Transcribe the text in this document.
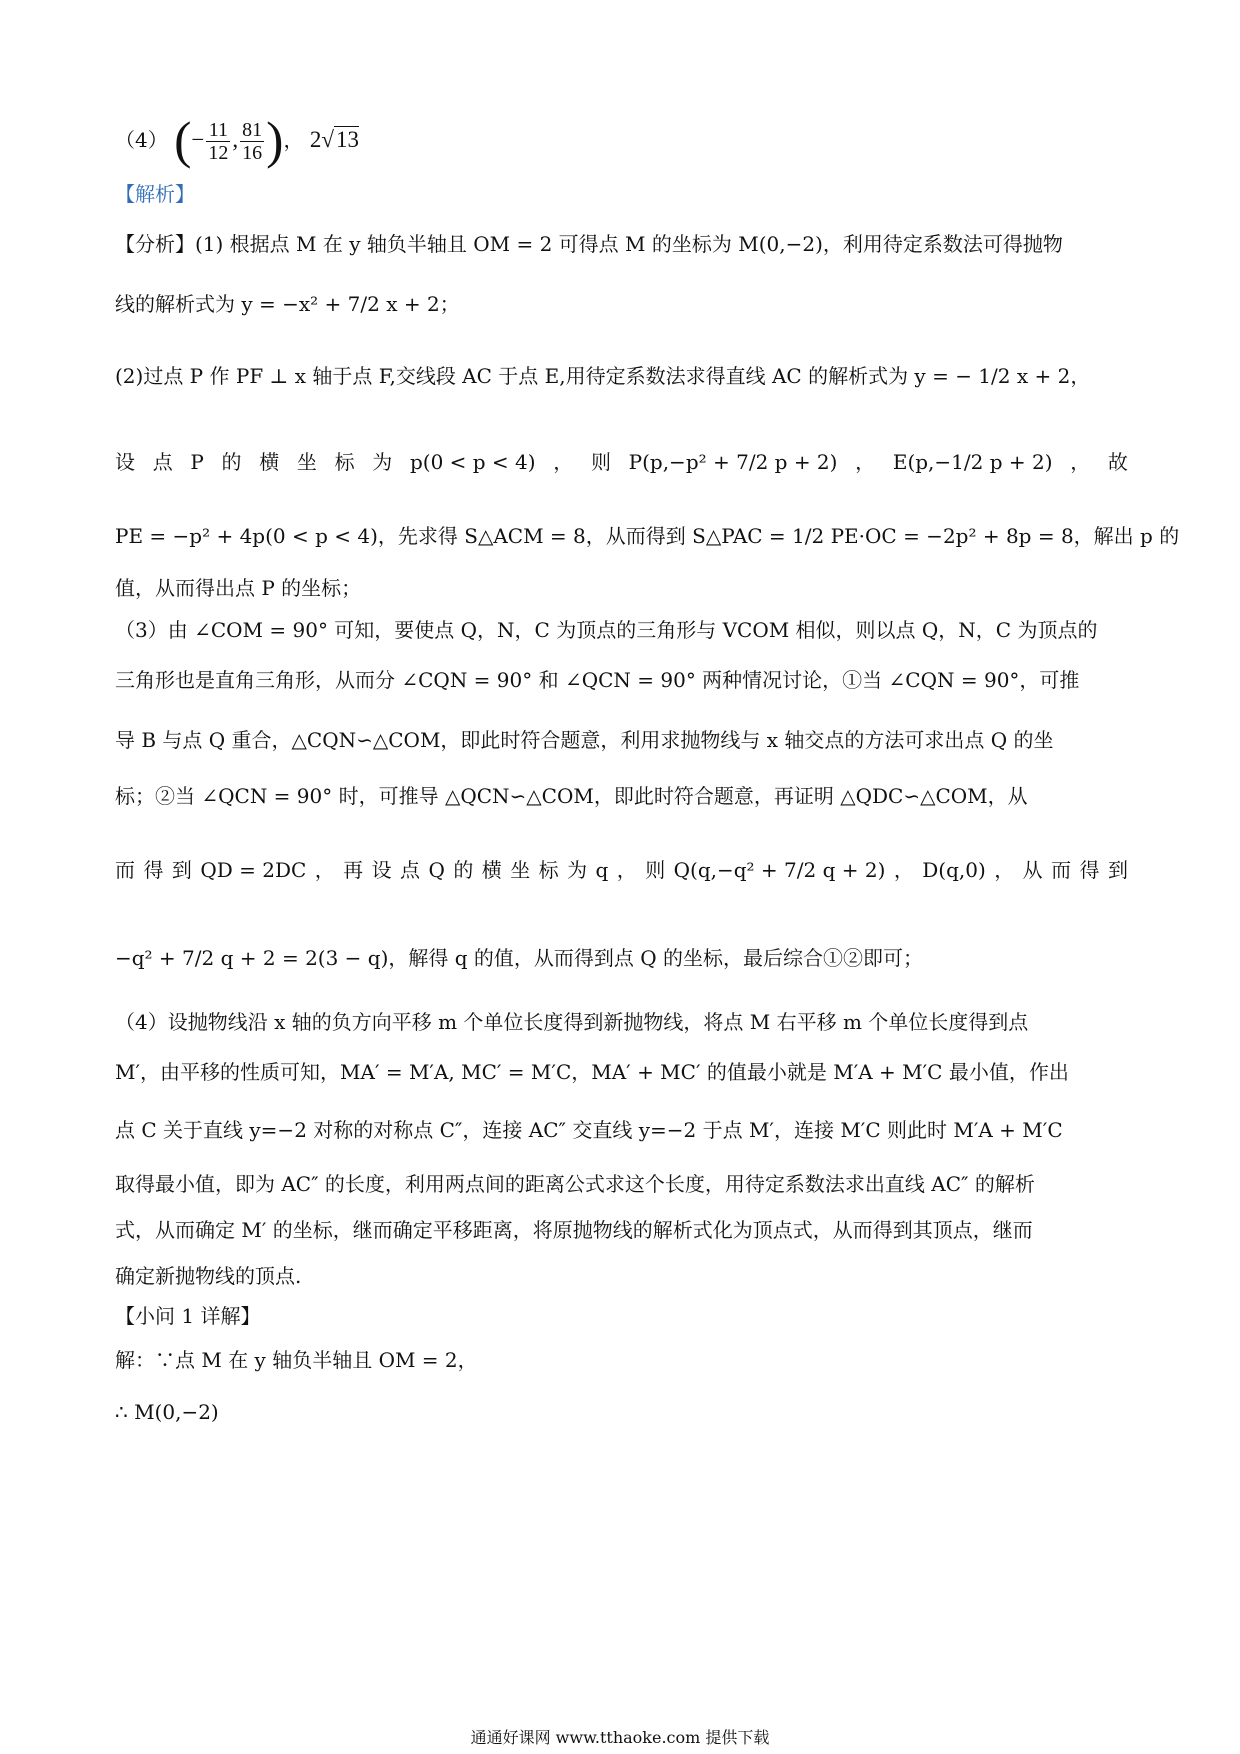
（4） (− $\frac{11}{12}$ , $\frac{81}{16}$ )， 2√13
【解析】
【分析】(1) 根据点 M 在 y 轴负半轴且 OM = 2 可得点 M 的坐标为 M(0,−2)，利用待定系数法可得抛物
线的解析式为 y = −x² + 7/2 x + 2；
(2)过点 P 作 PF ⊥ x 轴于点 F,交线段 AC 于点 E,用待定系数法求得直线 AC 的解析式为 y = − 1/2 x + 2，
设 点 P 的 横 坐 标 为 p(0 < p < 4) ， 则 P(p,−p² + 7/2 p + 2) ， E(p,−1/2 p + 2) ， 故
PE = −p² + 4p(0 < p < 4)，先求得 S△ACM = 8，从而得到 S△PAC = 1/2 PE·OC = −2p² + 8p = 8，解出 p 的
值，从而得出点 P 的坐标；
（3）由 ∠COM = 90° 可知，要使点 Q，N，C 为顶点的三角形与 VCOM 相似，则以点 Q，N，C 为顶点的
三角形也是直角三角形，从而分 ∠CQN = 90° 和 ∠QCN = 90° 两种情况讨论，①当 ∠CQN = 90°，可推
导 B 与点 Q 重合，△CQN∽△COM，即此时符合题意，利用求抛物线与 x 轴交点的方法可求出点 Q 的坐
标；②当 ∠QCN = 90° 时，可推导 △QCN∽△COM，即此时符合题意，再证明 △QDC∽△COM，从
而 得 到 QD = 2DC ， 再 设 点 Q 的 横 坐 标 为 q ， 则 Q(q,−q² + 7/2 q + 2) ， D(q,0) ， 从 而 得 到
−q² + 7/2 q + 2 = 2(3 − q)，解得 q 的值，从而得到点 Q 的坐标，最后综合①②即可；
（4）设抛物线沿 x 轴的负方向平移 m 个单位长度得到新抛物线，将点 M 右平移 m 个单位长度得到点
M′，由平移的性质可知，MA′ = M′A, MC′ = M′C，MA′ + MC′ 的值最小就是 M′A + M′C 最小值，作出
点 C 关于直线 y=−2 对称的对称点 C″，连接 AC″ 交直线 y=−2 于点 M′，连接 M′C 则此时 M′A + M′C
取得最小值，即为 AC″ 的长度，利用两点间的距离公式求这个长度，用待定系数法求出直线 AC″ 的解析
式，从而确定 M′ 的坐标，继而确定平移距离，将原抛物线的解析式化为顶点式，从而得到其顶点，继而
确定新抛物线的顶点.
【小问 1 详解】
解：∵点 M 在 y 轴负半轴且 OM = 2，
∴ M(0,−2)
通通好课网 www.tthaoke.com 提供下载
